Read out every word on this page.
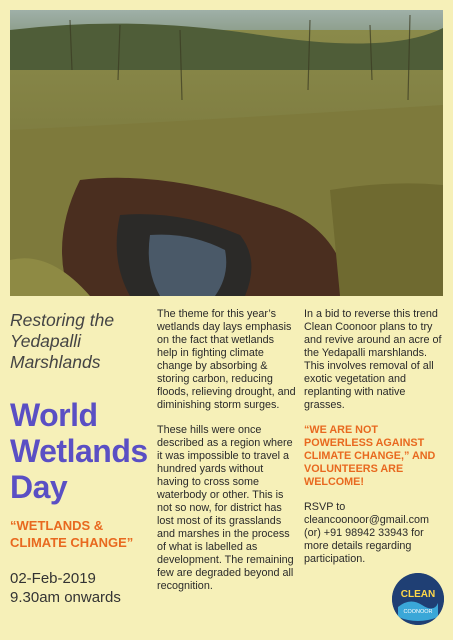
Restoring the Yedapalli Marshlands
World Wetlands Day
“WETLANDS & CLIMATE CHANGE”
02-Feb-2019
9.30am onwards

The theme for this year’s wetlands day lays emphasis on the fact that wetlands help in fighting climate change by absorbing & storing carbon, reducing floods, relieving drought, and diminishing storm surges.

These hills were once described as a region where it was impossible to travel a hundred yards without having to cross some waterbody or other. This is not so now, for district has lost most of its grasslands and marshes in the process of what is labelled as development. The remaining few are degraded beyond all recognition.

In a bid to reverse this trend Clean Coonoor plans to try and revive around an acre of the Yedapalli marshlands. This involves removal of all exotic vegetation and replanting with native grasses.

“WE ARE NOT POWERLESS AGAINST CLIMATE CHANGE,” AND VOLUNTEERS ARE WELCOME!

RSVP to cleancoonoor@gmail.com (or) +91 98942 33943 for more details regarding participation.

CLEAN
COONOOR
